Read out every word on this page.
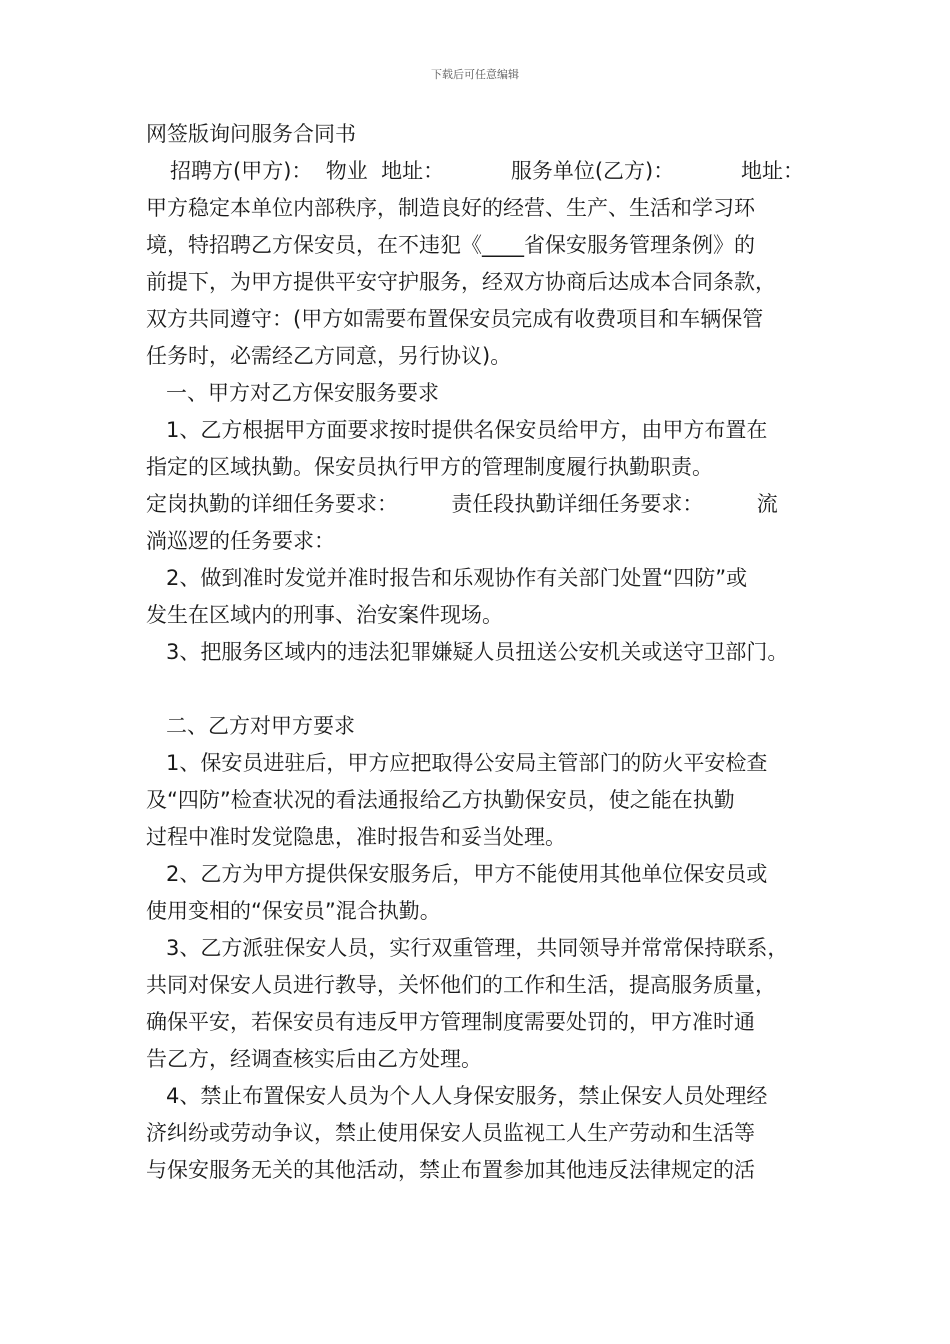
下载后可任意编辑
网签版询问服务合同书
招聘方(甲方)：  物业  地址：          服务单位(乙方)：          地址：
甲方稳定本单位内部秩序，制造良好的经营、生产、生活和学习环
境，特招聘乙方保安员，在不违犯《____省保安服务管理条例》的
前提下，为甲方提供平安守护服务，经双方协商后达成本合同条款，
双方共同遵守：(甲方如需要布置保安员完成有收费项目和车辆保管
任务时，必需经乙方同意，另行协议)。
一、甲方对乙方保安服务要求
1、乙方根据甲方面要求按时提供名保安员给甲方，由甲方布置在
指定的区域执勤。保安员执行甲方的管理制度履行执勤职责。
定岗执勤的详细任务要求：        责任段执勤详细任务要求：        流
淌巡逻的任务要求：
2、做到准时发觉并准时报告和乐观协作有关部门处置“四防”或
发生在区域内的刑事、治安案件现场。
3、把服务区域内的违法犯罪嫌疑人员扭送公安机关或送守卫部门。
二、乙方对甲方要求
1、保安员进驻后，甲方应把取得公安局主管部门的防火平安检查
及“四防”检查状况的看法通报给乙方执勤保安员，使之能在执勤
过程中准时发觉隐患，准时报告和妥当处理。
2、乙方为甲方提供保安服务后，甲方不能使用其他单位保安员或
使用变相的“保安员”混合执勤。
3、乙方派驻保安人员，实行双重管理，共同领导并常常保持联系，
共同对保安人员进行教导，关怀他们的工作和生活，提高服务质量，
确保平安，若保安员有违反甲方管理制度需要处罚的，甲方准时通
告乙方，经调查核实后由乙方处理。
4、禁止布置保安人员为个人人身保安服务，禁止保安人员处理经
济纠纷或劳动争议，禁止使用保安人员监视工人生产劳动和生活等
与保安服务无关的其他活动，禁止布置参加其他违反法律规定的活
